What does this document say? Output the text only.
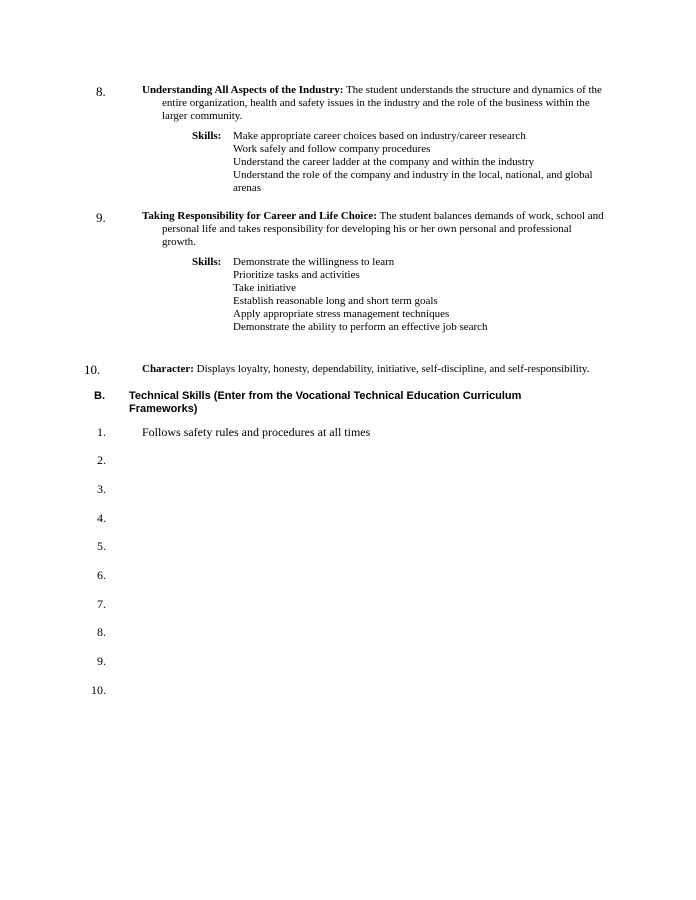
8.	Understanding All Aspects of the Industry: The student understands the structure and dynamics of the entire organization, health and safety issues in the industry and the role of the business within the larger community.
Skills: Make appropriate career choices based on industry/career research
Work safely and follow company procedures
Understand the career ladder at the company and within the industry
Understand the role of the company and industry in the local, national, and global arenas
9.	Taking Responsibility for Career and Life Choice: The student balances demands of work, school and personal life and takes responsibility for developing his or her own personal and professional growth.
Skills: Demonstrate the willingness to learn
Prioritize tasks and activities
Take initiative
Establish reasonable long and short term goals
Apply appropriate stress management techniques
Demonstrate the ability to perform an effective job search
10.	Character: Displays loyalty, honesty, dependability, initiative, self-discipline, and self-responsibility.
B. Technical Skills (Enter from the Vocational Technical Education Curriculum Frameworks)
1.	Follows safety rules and procedures at all times
2.
3.
4.
5.
6.
7.
8.
9.
10.
